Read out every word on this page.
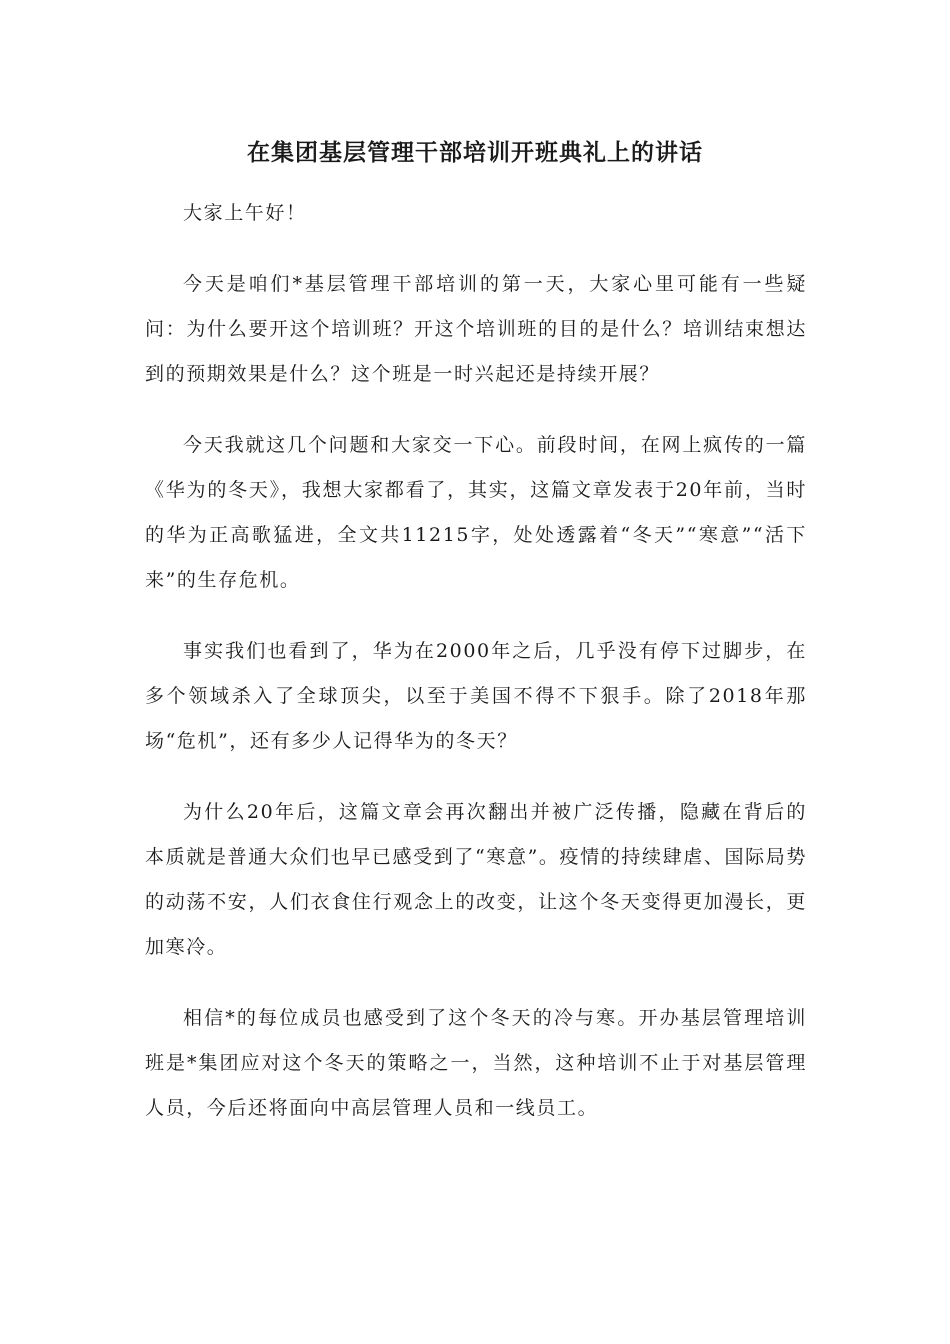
在集团基层管理干部培训开班典礼上的讲话

大家上午好！

今天是咱们*基层管理干部培训的第一天，大家心里可能有一些疑问：为什么要开这个培训班？开这个培训班的目的是什么？培训结束想达到的预期效果是什么？这个班是一时兴起还是持续开展？

今天我就这几个问题和大家交一下心。前段时间，在网上疯传的一篇《华为的冬天》，我想大家都看了，其实，这篇文章发表于20年前，当时的华为正高歌猛进，全文共11215字，处处透露着“冬天”“寒意”“活下来”的生存危机。

事实我们也看到了，华为在2000年之后，几乎没有停下过脚步，在多个领域杀入了全球顶尖，以至于美国不得不下狠手。除了2018年那场“危机”，还有多少人记得华为的冬天？

为什么20年后，这篇文章会再次翻出并被广泛传播，隐藏在背后的本质就是普通大众们也早已感受到了“寒意”。疫情的持续肆虐、国际局势的动荡不安，人们衣食住行观念上的改变，让这个冬天变得更加漫长，更加寒冷。

相信*的每位成员也感受到了这个冬天的冷与寒。开办基层管理培训班是*集团应对这个冬天的策略之一，当然，这种培训不止于对基层管理人员，今后还将面向中高层管理人员和一线员工。
